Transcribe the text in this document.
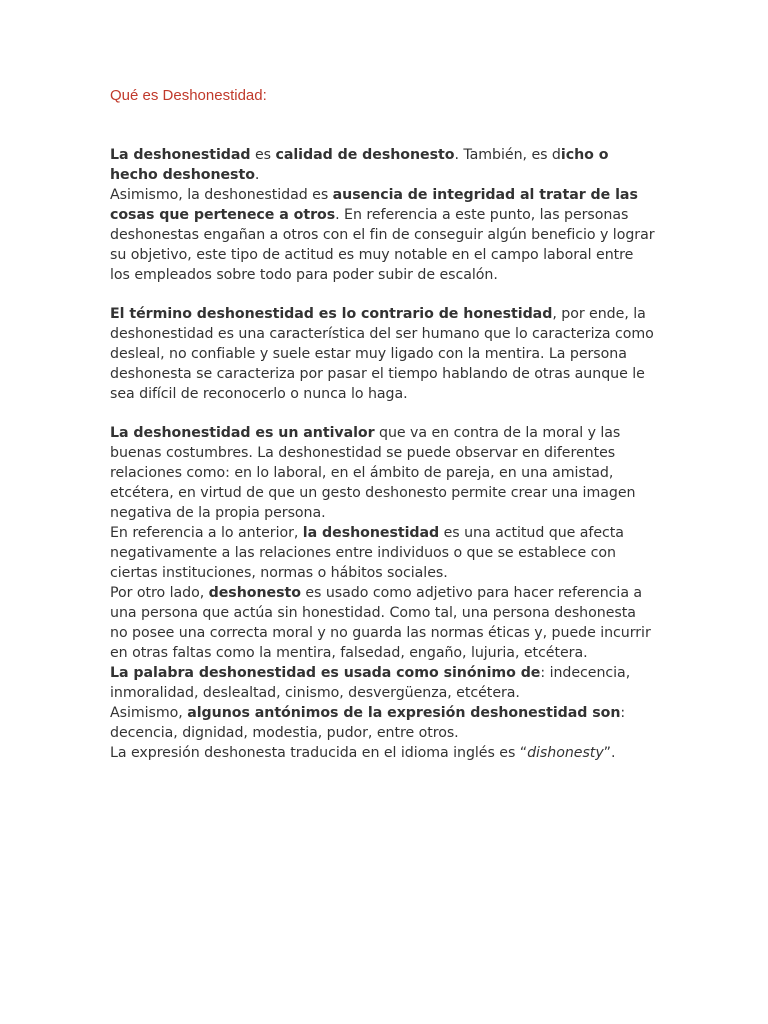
Qué es Deshonestidad:

La deshonestidad es calidad de deshonesto. También, es dicho o hecho deshonesto.

Asimismo, la deshonestidad es ausencia de integridad al tratar de las cosas que pertenece a otros. En referencia a este punto, las personas deshonestas engañan a otros con el fin de conseguir algún beneficio y lograr su objetivo, este tipo de actitud es muy notable en el campo laboral entre los empleados sobre todo para poder subir de escalón.

El término deshonestidad es lo contrario de honestidad, por ende, la deshonestidad es una característica del ser humano que lo caracteriza como desleal, no confiable y suele estar muy ligado con la mentira. La persona deshonesta se caracteriza por pasar el tiempo hablando de otras aunque le sea difícil de reconocerlo o nunca lo haga.

La deshonestidad es un antivalor que va en contra de la moral y las buenas costumbres. La deshonestidad se puede observar en diferentes relaciones como: en lo laboral, en el ámbito de pareja, en una amistad, etcétera, en virtud de que un gesto deshonesto permite crear una imagen negativa de la propia persona.

En referencia a lo anterior, la deshonestidad es una actitud que afecta negativamente a las relaciones entre individuos o que se establece con ciertas instituciones, normas o hábitos sociales.

Por otro lado, deshonesto es usado como adjetivo para hacer referencia a una persona que actúa sin honestidad. Como tal, una persona deshonesta no posee una correcta moral y no guarda las normas éticas y, puede incurrir en otras faltas como la mentira, falsedad, engaño, lujuria, etcétera.

La palabra deshonestidad es usada como sinónimo de: indecencia, inmoralidad, deslealtad, cinismo, desvergüenza, etcétera.

Asimismo, algunos antónimos de la expresión deshonestidad son: decencia, dignidad, modestia, pudor, entre otros.

La expresión deshonesta traducida en el idioma inglés es “dishonesty”.
